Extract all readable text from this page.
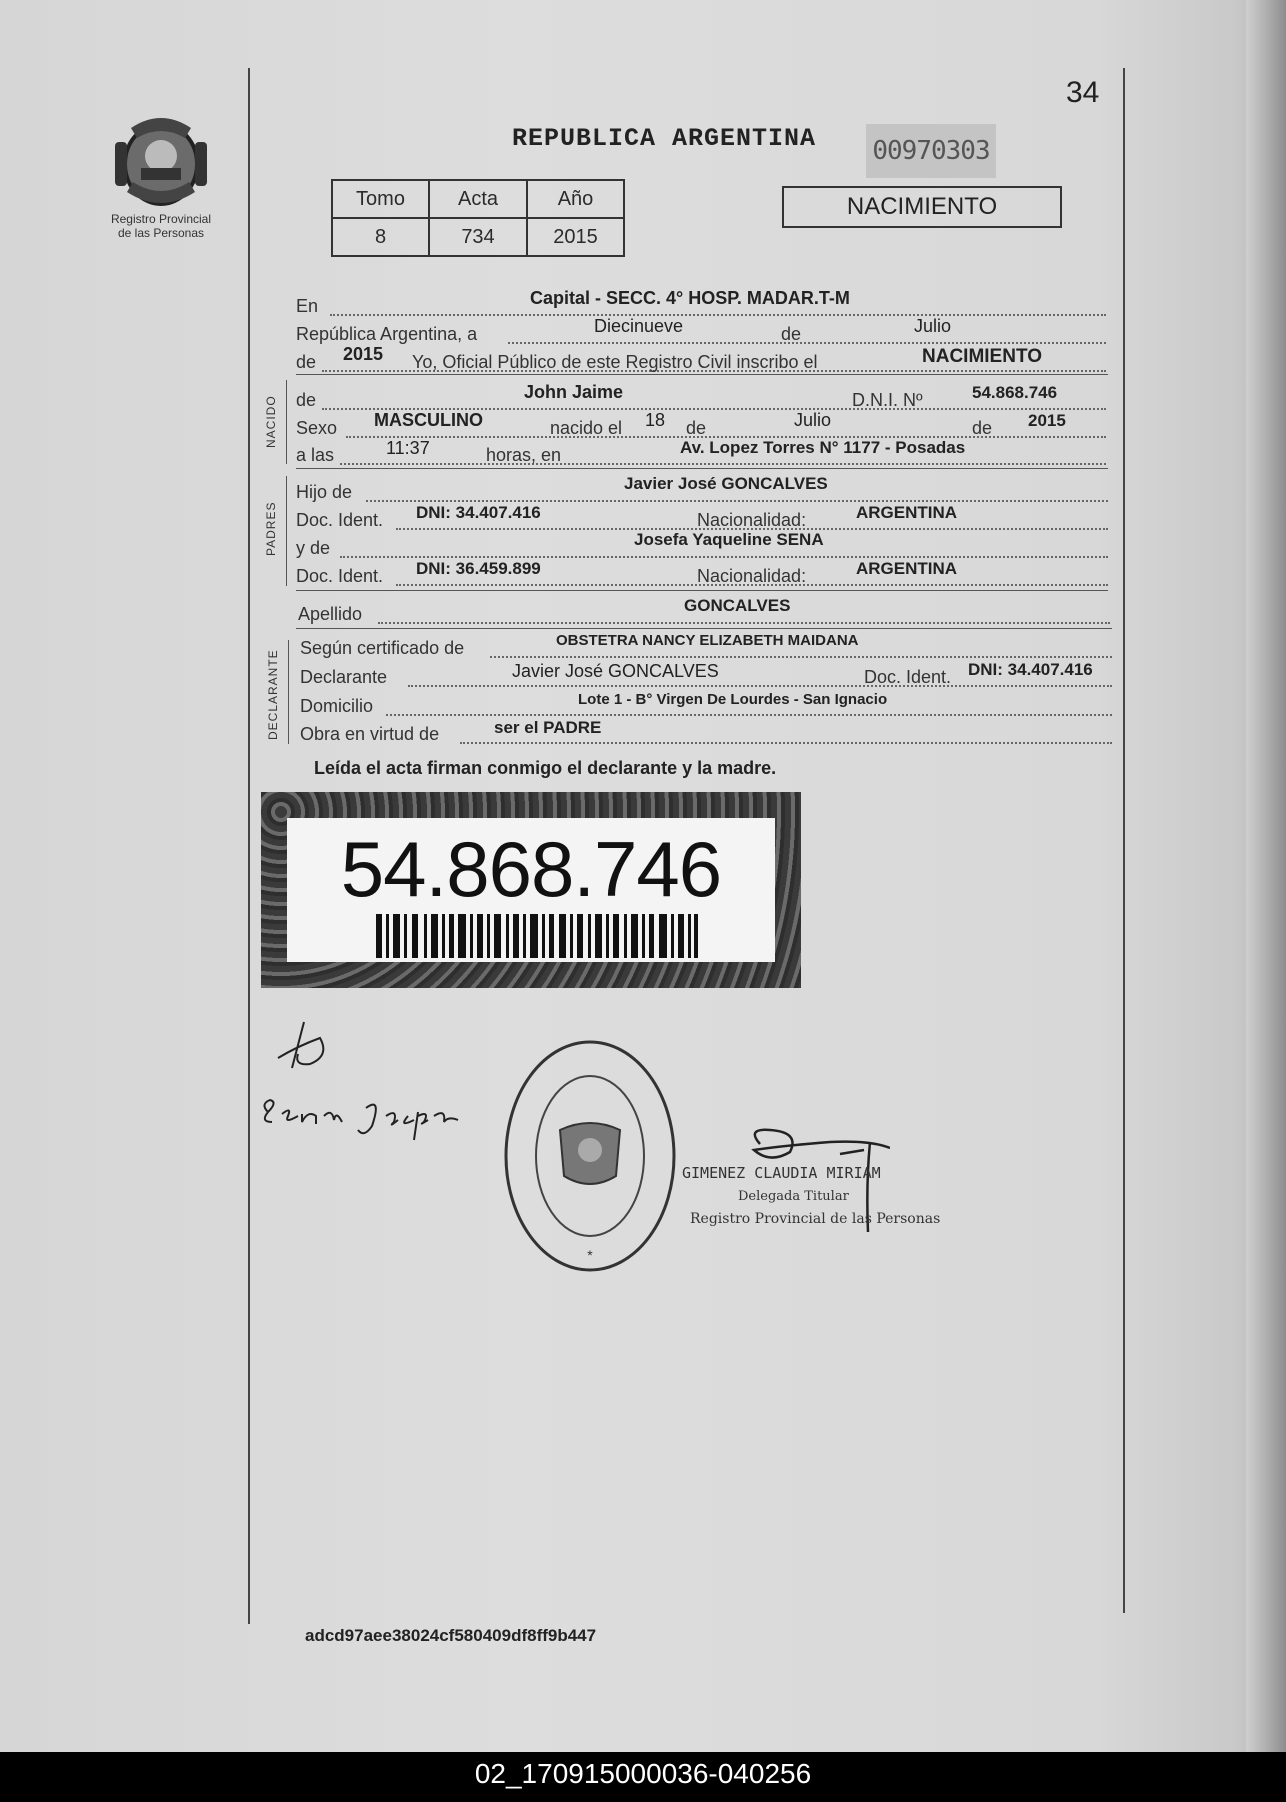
34
Registro Provincial
de las Personas
REPUBLICA ARGENTINA 00970303
Tomo	Acta	Año
8	734	2015
NACIMIENTO
En	Capital - SECC. 4° HOSP. MADAR.T-M
República Argentina, a	Diecinueve	de	Julio
de 2015 Yo, Oficial Público de este Registro Civil inscribo el	NACIMIENTO
NACIDO de	John Jaime	D.N.I. Nº	54.868.746
Sexo MASCULINO	nacido el 18 de	Julio	de 2015
a las	11:37	horas, en	Av. Lopez Torres N° 1177 - Posadas
PADRES
Hijo de	Javier José GONCALVES
Doc. Ident. DNI: 34.407.416	Nacionalidad:	ARGENTINA
y de	Josefa Yaqueline SENA
Doc. Ident. DNI: 36.459.899	Nacionalidad:	ARGENTINA
Apellido	GONCALVES
DECLARANTE
Según certificado de	OBSTETRA NANCY ELIZABETH MAIDANA
Declarante	Javier José GONCALVES	Doc. Ident. DNI: 34.407.416
Domicilio	Lote 1 - B° Virgen De Lourdes - San Ignacio
Obra en virtud de	ser el PADRE
Leída el acta firman conmigo el declarante y la madre.
54.868.746
*
GIMENEZ CLAUDIA MIRIAM
Delegada Titular
Registro Provincial de las Personas
adcd97aee38024cf580409df8ff9b447
02_170915000036-040256
